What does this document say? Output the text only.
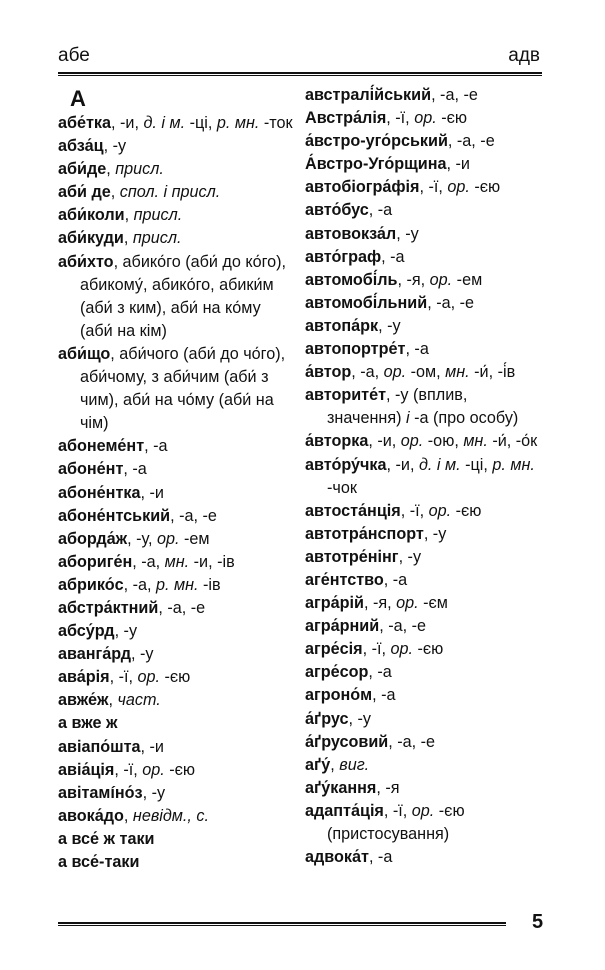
абе	адв
А

абе́тка, -и, д. і м. -ці, р. мн. -ток

абза́ц, -у

аби́де, присл.

аби́ де, спол. і присл.

аби́коли, присл.

аби́куди, присл.

аби́хто, абико́го (аби́ до ко́го), абикому́, абико́го, абики́м (аби́ з ким), аби́ на ко́му (аби́ на кім)

аби́що, аби́чого (аби́ до чо́го), аби́чому, з аби́чим (аби́ з чим), аби́ на чо́му (аби́ на чім)

абонеме́нт, -а

абоне́нт, -а

абоне́нтка, -и

абоне́нтський, -а, -е

аборда́ж, -у, ор. -ем

абориге́н, -а, мн. -и, -ів

абрико́с, -а, р. мн. -ів

абстра́ктний, -а, -е

абсу́рд, -у

аванга́рд, -у

ава́рія, -ї, ор. -єю

авже́ж, част.

а вже ж

авіапо́шта, -и

авіа́ція, -ї, ор. -єю

авітамíно́з, -у

авока́до, невідм., с.

а все́ ж таки

а все́-таки

австралі́йський, -а, -е

Австра́лія, -ї, ор. -єю

а́встро-уго́рський, -а, -е

А́встро-Уго́рщина, -и

автобіогра́фія, -ї, ор. -єю

авто́бус, -а

автовокза́л, -у

авто́граф, -а

автомобі́ль, -я, ор. -ем

автомобі́льний, -а, -е

автопа́рк, -у

автопортре́т, -а

а́втор, -а, ор. -ом, мн. -и́, -і́в

авторите́т, -у (вплив, значення) і -а (про особу)

а́вторка, -и, ор. -ою, мн. -и́, -о́к

авто́ру́чка, -и, д. і м. -ці, р. мн. -чок

автоста́нція, -ї, ор. -єю

автотра́нспорт, -у

автотре́нінг, -у

аге́нтство, -а

агра́рій, -я, ор. -єм

агра́рний, -а, -е

агре́сія, -ї, ор. -єю

агре́сор, -а

агроно́м, -а

а́ґрус, -у

а́ґрусовий, -а, -е

аґу́, виг.

аґу́кання, -я

адапта́ція, -ї, ор. -єю (пристосування)

адвока́т, -а

5
